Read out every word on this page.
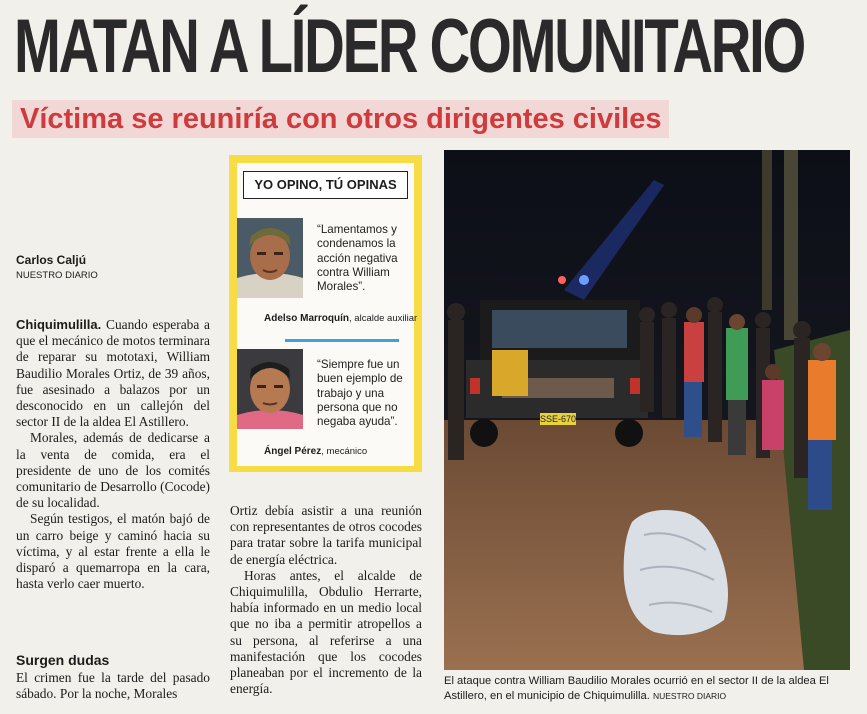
MATAN A LÍDER COMUNITARIO
Víctima se reuniría con otros dirigentes civiles
Carlos Caljú
NUESTRO DIARIO

Chiquimulilla. Cuando esperaba a que el mecánico de motos terminara de reparar su mototaxi, William Baudilio Morales Ortiz, de 39 años, fue asesinado a balazos por un desconocido en un callejón del sector II de la aldea El Astillero.

Morales, además de dedicarse a la venta de comida, era el presidente de uno de los comités comunitario de Desarrollo (Cocode) de su localidad.

Según testigos, el matón bajó de un carro beige y caminó hacia su víctima, y al estar frente a ella le disparó a quemarropa en la cara, hasta verlo caer muerto.

Surgen dudas

El crimen fue la tarde del pasado sábado. Por la noche, Morales

Ortiz debía asistir a una reunión con representantes de otros cocodes para tratar sobre la tarifa municipal de energía eléctrica.

Horas antes, el alcalde de Chiquimulilla, Obdulio Herrarte, había informado en un medio local que no iba a permitir atropellos a su persona, al referirse a una manifestación que los cocodes planeaban por el incremento de la energía.

YO OPINO, TÚ OPINAS
“Lamentamos y condenamos la acción negativa contra William Morales”.
Adelso Marroquín, alcalde auxiliar
“Siempre fue un buen ejemplo de trabajo y una persona que no negaba ayuda”.
Ángel Pérez, mecánico
SSE-670
El ataque contra William Baudilio Morales ocurrió en el sector II de la aldea El Astillero, en el municipio de Chiquimulilla. NUESTRO DIARIO
